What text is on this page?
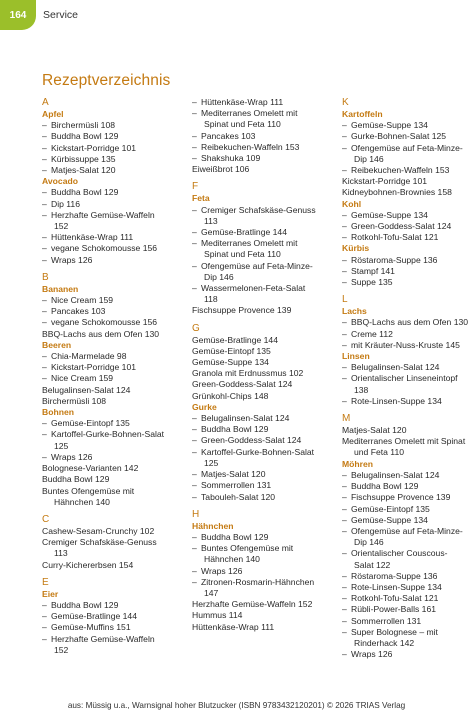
164	Service
Rezeptverzeichnis
A
Apfel
– Birchermüsli 108
– Buddha Bowl 129
– Kickstart-Porridge 101
– Kürbissuppe 135
– Matjes-Salat 120
Avocado
– Buddha Bowl 129
– Dip 116
– Herzhafte Gemüse-Waffeln
152
– Hüttenkäse-Wrap 111
– vegane Schokomousse 156
– Wraps 126
B
Bananen
– Nice Cream 159
– Pancakes 103
– vegane Schokomousse 156
BBQ-Lachs aus dem Ofen 130
Beeren
– Chia-Marmelade 98
– Kickstart-Porridge 101
– Nice Cream 159
Belugalinsen-Salat 124
Birchermüsli 108
Bohnen
– Gemüse-Eintopf 135
– Kartoffel-Gurke-Bohnen-Salat
125
– Wraps 126
Bolognese-Varianten 142
Buddha Bowl 129
Buntes Ofengemüse mit
Hähnchen 140
C
Cashew-Sesam-Crunchy 102
Cremiger Schafskäse-Genuss
113
Curry-Kichererbsen 154
E
Eier
– Buddha Bowl 129
– Gemüse-Bratlinge 144
– Gemüse-Muffins 151
– Herzhafte Gemüse-Waffeln
152
– Hüttenkäse-Wrap 111
– Mediterranes Omelett mit
Spinat und Feta 110
– Pancakes 103
– Reibekuchen-Waffeln 153
– Shakshuka 109
Eiweißbrot 106
F
Feta
– Cremiger Schafskäse-Genuss
113
– Gemüse-Bratlinge 144
– Mediterranes Omelett mit
Spinat und Feta 110
– Ofengemüse auf Feta-Minze-
Dip 146
– Wassermelonen-Feta-Salat
118
Fischsuppe Provence 139
G
Gemüse-Bratlinge 144
Gemüse-Eintopf 135
Gemüse-Suppe 134
Granola mit Erdnussmus 102
Green-Goddess-Salat 124
Grünkohl-Chips 148
Gurke
– Belugalinsen-Salat 124
– Buddha Bowl 129
– Green-Goddess-Salat 124
– Kartoffel-Gurke-Bohnen-Salat
125
– Matjes-Salat 120
– Sommerrollen 131
– Tabouleh-Salat 120
H
Hähnchen
– Buddha Bowl 129
– Buntes Ofengemüse mit
Hähnchen 140
– Wraps 126
– Zitronen-Rosmarin-Hähnchen
147
Herzhafte Gemüse-Waffeln 152
Hummus 114
Hüttenkäse-Wrap 111
K
Kartoffeln
– Gemüse-Suppe 134
– Gurke-Bohnen-Salat 125
– Ofengemüse auf Feta-Minze-
Dip 146
– Reibekuchen-Waffeln 153
Kickstart-Porridge 101
Kidneybohnen-Brownies 158
Kohl
– Gemüse-Suppe 134
– Green-Goddess-Salat 124
– Rotkohl-Tofu-Salat 121
Kürbis
– Röstaroma-Suppe 136
– Stampf 141
– Suppe 135
L
Lachs
– BBQ-Lachs aus dem Ofen 130
– Creme 112
– mit Kräuter-Nuss-Kruste 145
Linsen
– Belugalinsen-Salat 124
– Orientalischer Linseneintopf
138
– Rote-Linsen-Suppe 134
M
Matjes-Salat 120
Mediterranes Omelett mit Spinat
und Feta 110
Möhren
– Belugalinsen-Salat 124
– Buddha Bowl 129
– Fischsuppe Provence 139
– Gemüse-Eintopf 135
– Gemüse-Suppe 134
– Ofengemüse auf Feta-Minze-
Dip 146
– Orientalischer Couscous-
Salat 122
– Röstaroma-Suppe 136
– Rote-Linsen-Suppe 134
– Rotkohl-Tofu-Salat 121
– Rübli-Power-Balls 161
– Sommerrollen 131
– Super Bolognese – mit
Rinderhack 142
– Wraps 126
aus: Müssig u.a., Warnsignal hoher Blutzucker (ISBN 9783432120201) © 2026 TRIAS Verlag
